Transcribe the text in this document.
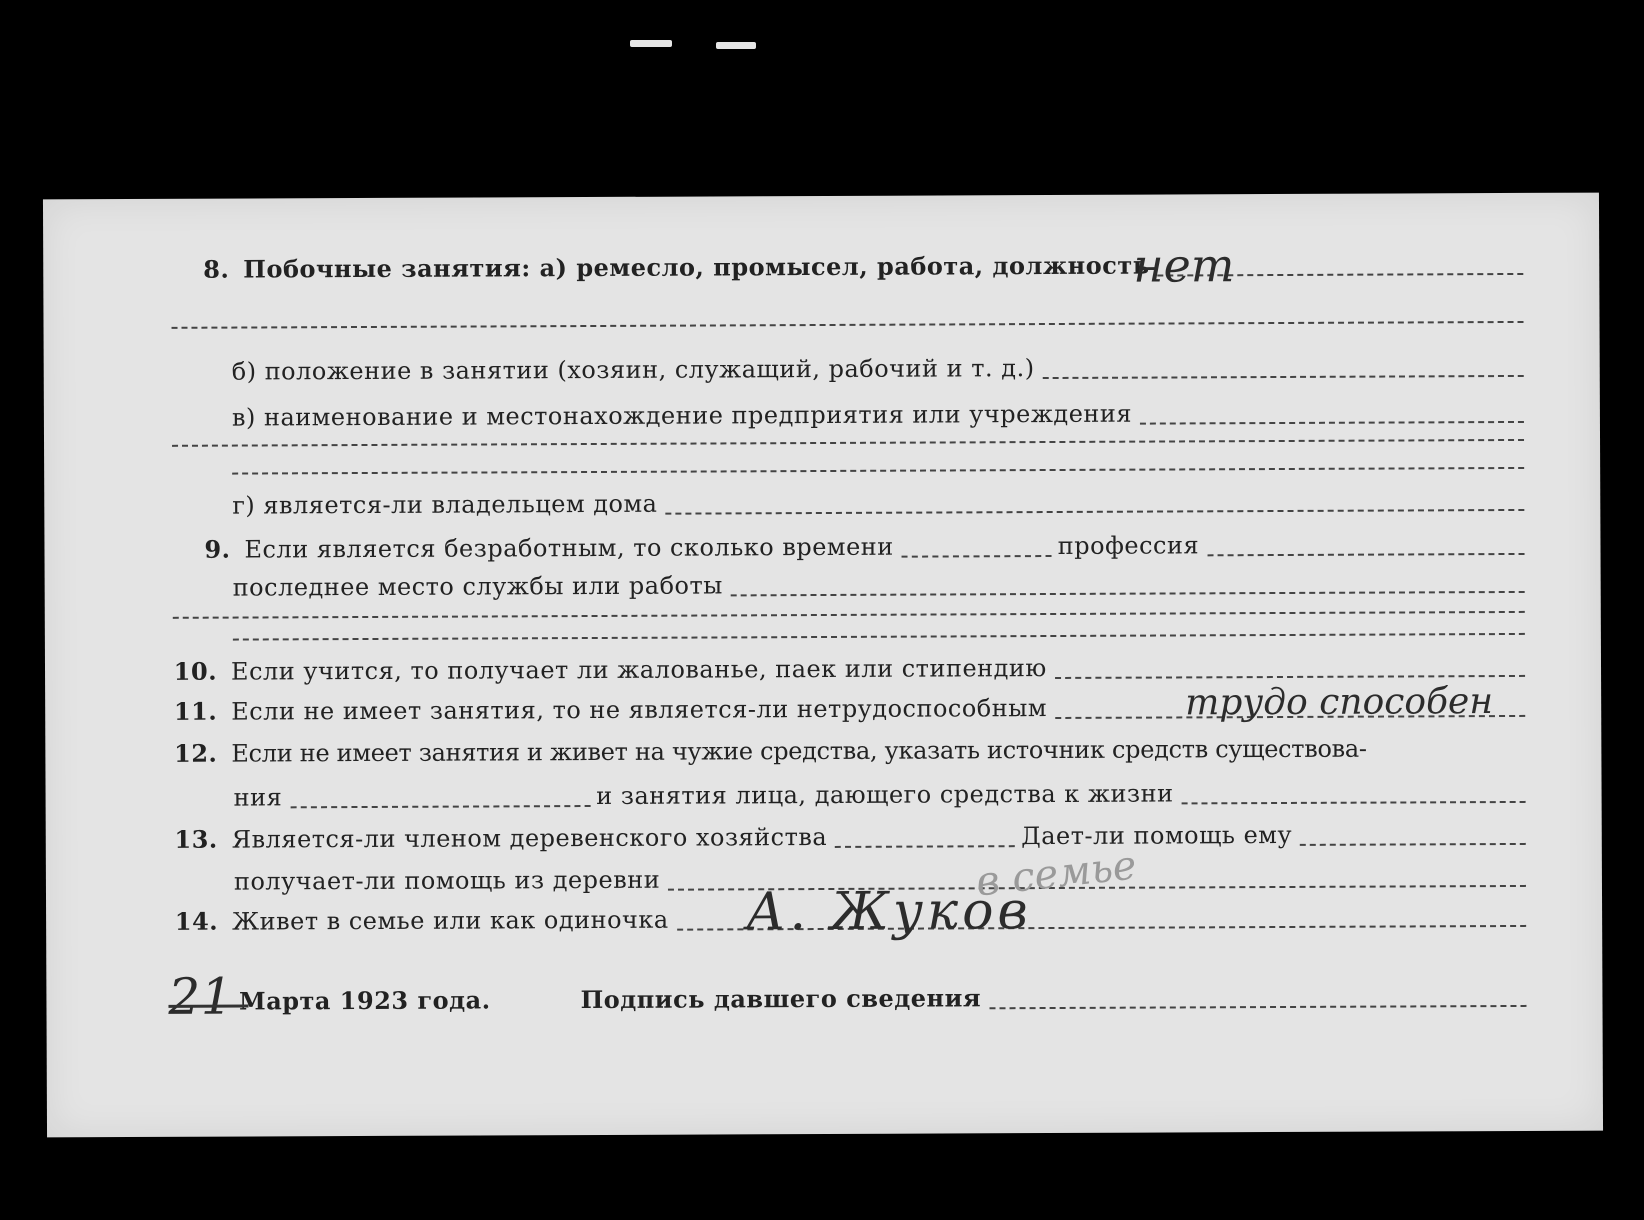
8. Побочные занятия: а) ремесло, промысел, работа, должность
нет
б) положение в занятии (хозяин, служащий, рабочий и т. д.)
в) наименование и местонахождение предприятия или учреждения
г) является-ли владельцем дома
9. Если является безработным, то сколько времени	профессия
последнее место службы или работы
10. Если учится, то получает ли жалованье, паек или стипендию
11. Если не имеет занятия, то не является-ли нетрудоспособным	трудо способен
12. Если не имеет занятия и живет на чужие средства, указать источник средств существова-
ния	и занятия лица, дающего средства к жизни
13. Является-ли членом деревенского хозяйства	Дает-ли помощь ему
получает-ли помощь из деревни
14. Живет в семье или как одиночка
в семье
А. Жуков
21 Марта 1923 года.	Подпись давшего сведения
